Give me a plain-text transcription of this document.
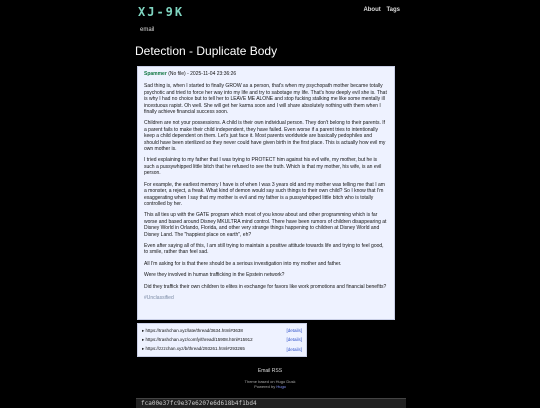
XJ-9K
email
About Tags
Detection - Duplicate Body
Spammer (No file) - 2025-11-04 23:36:26

Sad thing is, when I started to finally GROW as a person, that's when my psychopath mother became totally psychotic and tried to force her way into my life and try to sabotage my life. That's how deeply evil she is. That is why I had no choice but to tell her to LEAVE ME ALONE and stop fucking stalking me like some mentally ill incestuous rapist. Oh well. She will get her karma soon and I will share absolutely nothing with them when I finally achieve financial success soon.

Children are not your possessions. A child is their own individual person. They don't belong to their parents. If a parent fails to make their child independent, they have failed. Even worse if a parent tries to intentionally keep a child dependent on them. Let's just face it. Most parents worldwide are basically pedophiles and should have been sterilized so they never could have given birth in the first place. This is actually how evil my own mother is.

I tried explaining to my father that I was trying to PROTECT him against his evil wife, my mother, but he is such a pussywhipped little bitch that he refused to see the truth. Which is that my mother, his wife, is an evil person.

For example, the earliest memory I have is of when I was 3 years old and my mother was telling me that I am a monster, a reject, a freak. What kind of demon would say such things to their own child? So I know that I'm exaggerating when I say that my mother is evil and my father is a pussywhipped little bitch who is totally controlled by her.

This all ties up with the GATE program which most of you know about and other programming which is far worse and based around Disney MKULTRA mind control. There have been rumors of children disappearing at Disney World in Orlando, Florida, and other very strange things happening to children at Disney World and Disney Land. The "happiest place on earth", eh?

Even after saying all of this, I am still trying to maintain a positive attitude towards life and trying to feel good, to smile, rather than feel sad.

All I'm asking for is that there should be a serious investigation into my mother and father.

Were they involved in human trafficking in the Epstein network?

Did they traffick their own children to elites in exchange for favors like work promotions and financial benefits?

#Unclassified
▸ https://trashchan.xyz/late/thread/3634.html#3638	[details]
▸ https://trashchan.xyz/comfy/thread/15908.html#15912	[details]
▸ https://zzzchan.xyz/b/thread/293261.html#293265	[details]
Email RSS
Theme based on Hugo Dusk
Powered by Hugo
fca00e37fc9e37e6207e6d618b4f1bd4
